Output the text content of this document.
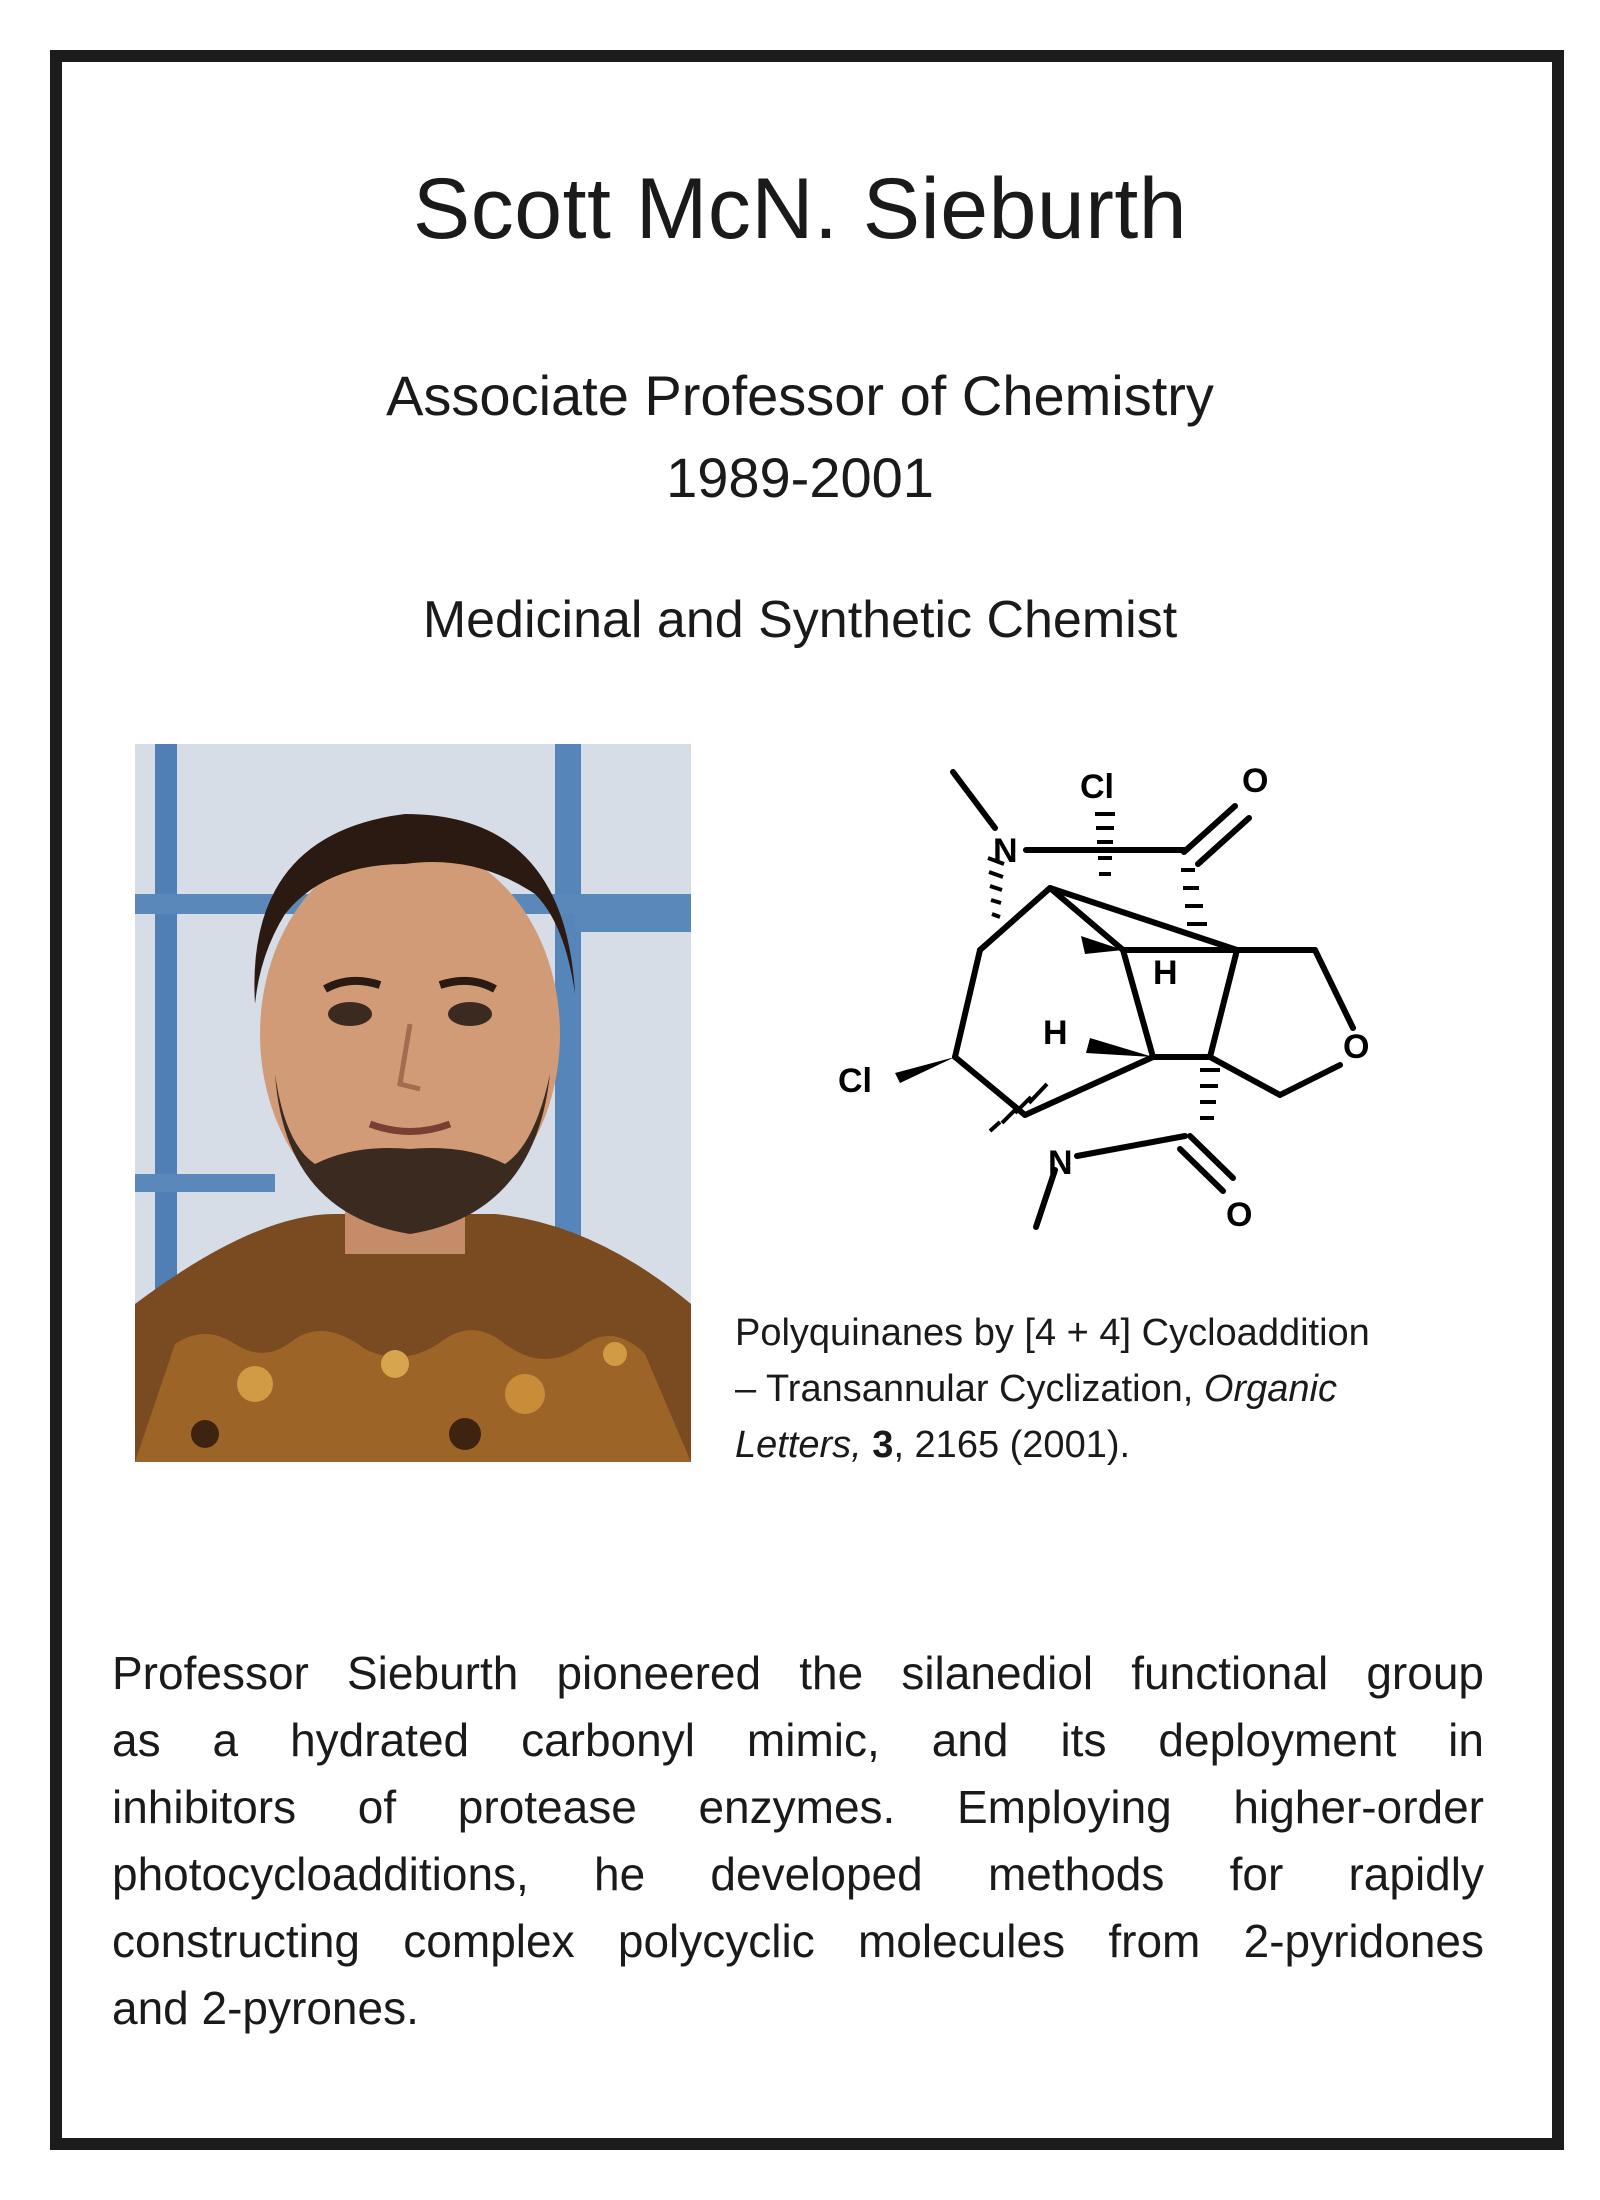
Scott McN. Sieburth
Associate Professor of Chemistry
1989-2001
Medicinal and Synthetic Chemist
Cl	O
N
H
H	O
Cl
N
O
Polyquinanes by [4 + 4] Cycloaddition
– Transannular Cyclization, Organic
Letters, 3, 2165 (2001).
Professor Sieburth pioneered the silanediol functional group
as a hydrated carbonyl mimic, and its deployment in
inhibitors of protease enzymes. Employing higher-order
photocycloadditions, he developed methods for rapidly
constructing complex polycyclic molecules from 2-pyridones
and 2-pyrones.
